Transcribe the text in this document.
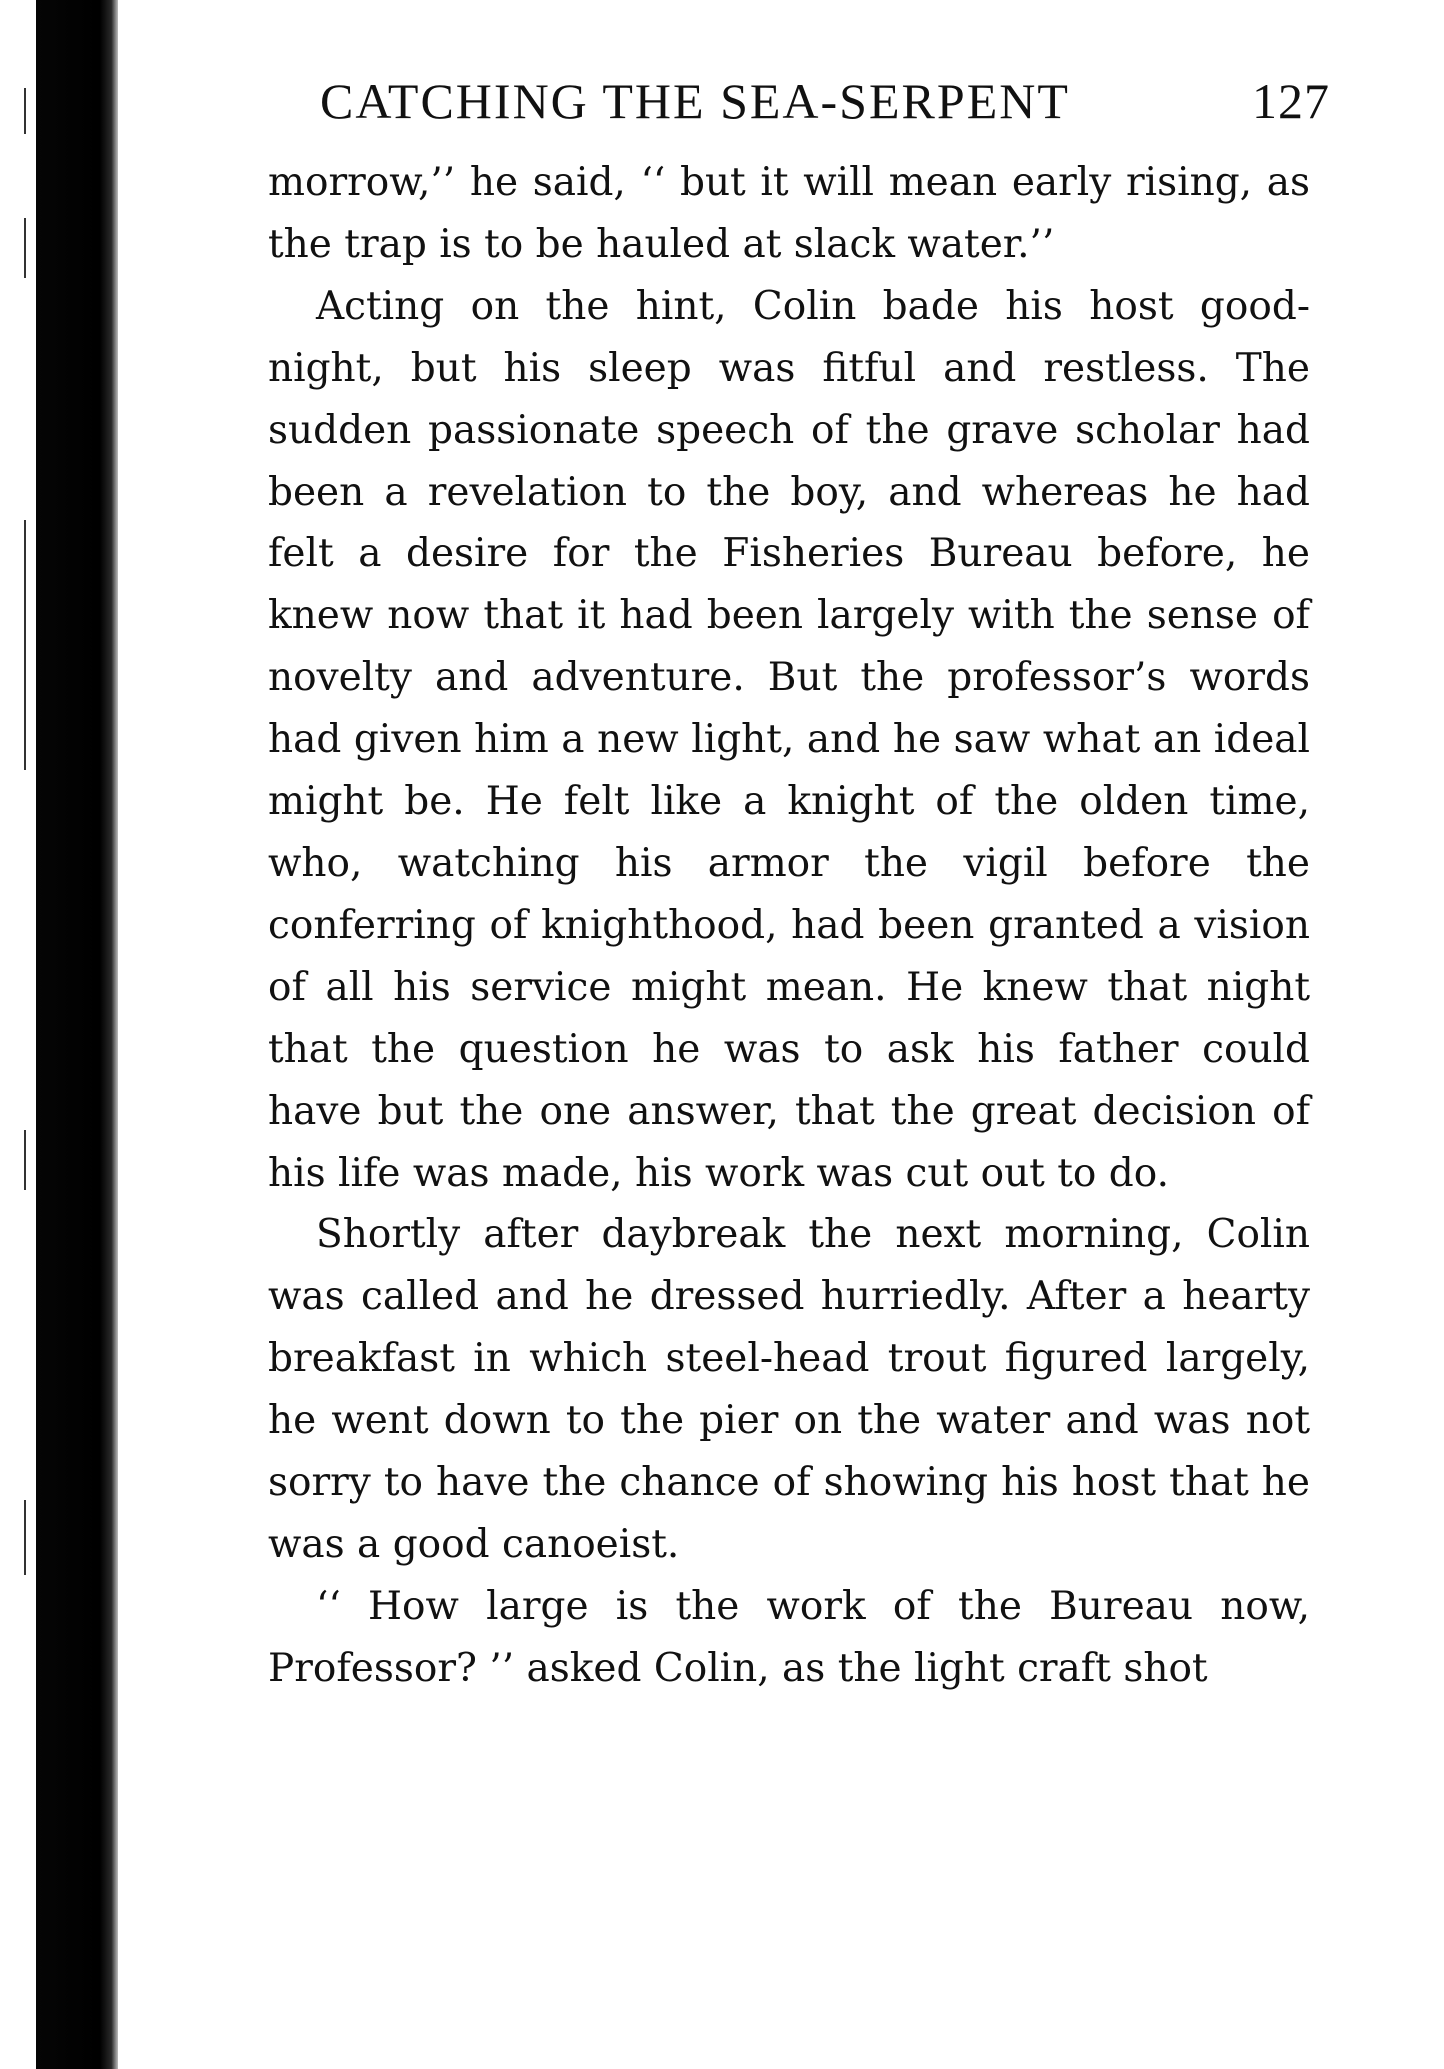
CATCHING THE SEA-SERPENT	127

morrow,’’ he said, ‘‘ but it will mean early rising, as the trap is to be hauled at slack water.’’

Acting on the hint, Colin bade his host good-night, but his sleep was fitful and restless. The sudden passionate speech of the grave scholar had been a revelation to the boy, and whereas he had felt a desire for the Fisheries Bureau before, he knew now that it had been largely with the sense of novelty and adventure. But the professor’s words had given him a new light, and he saw what an ideal might be. He felt like a knight of the olden time, who, watching his armor the vigil before the conferring of knighthood, had been granted a vision of all his service might mean. He knew that night that the question he was to ask his father could have but the one answer, that the great decision of his life was made, his work was cut out to do.

Shortly after daybreak the next morning, Colin was called and he dressed hurriedly. After a hearty breakfast in which steel-head trout figured largely, he went down to the pier on the water and was not sorry to have the chance of showing his host that he was a good canoeist.

‘‘ How large is the work of the Bureau now, Professor? ’’ asked Colin, as the light craft shot
